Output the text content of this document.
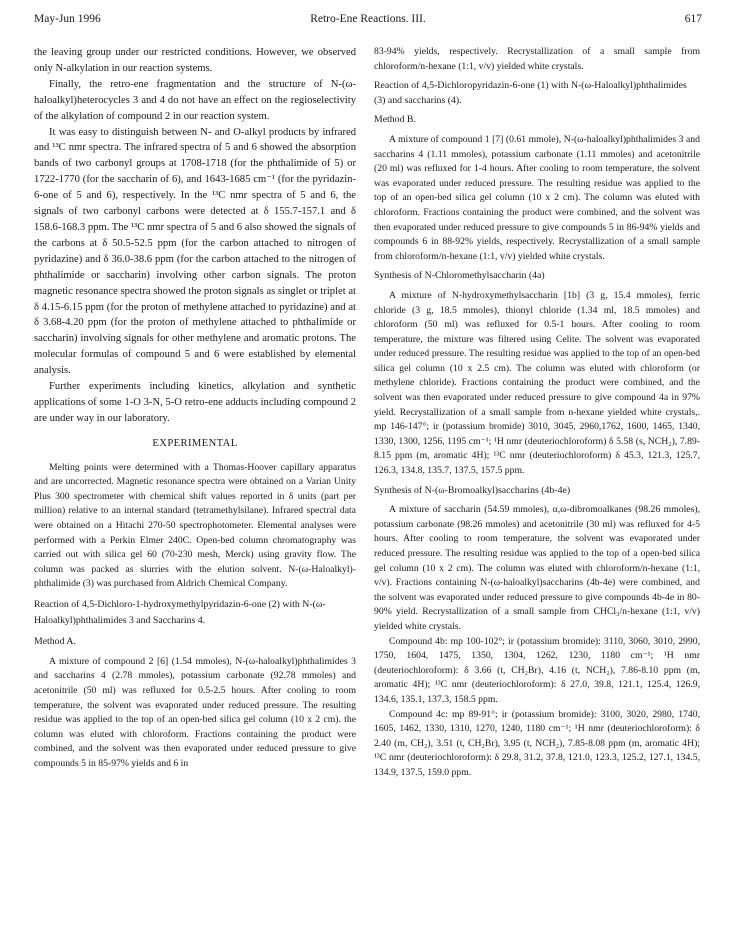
May-Jun 1996	Retro-Ene Reactions. III.	617

the leaving group under our restricted conditions. However, we observed only N-alkylation in our reaction systems.

Finally, the retro-ene fragmentation and the structure of N-(ω-haloalkyl)heterocycles 3 and 4 do not have an effect on the regioselectivity of the alkylation of compound 2 in our reaction system.

It was easy to distinguish between N- and O-alkyl products by infrared and ¹³C nmr spectra. The infrared spectra of 5 and 6 showed the absorption bands of two carbonyl groups at 1708-1718 (for the phthalimide of 5) or 1722-1770 (for the saccharin of 6), and 1643-1685 cm⁻¹ (for the pyridazin-6-one of 5 and 6), respectively. In the ¹³C nmr spectra of 5 and 6, the signals of two carbonyl carbons were detected at δ 155.7-157.1 and δ 158.6-168.3 ppm. The ¹³C nmr spectra of 5 and 6 also showed the signals of the carbons at δ 50.5-52.5 ppm (for the carbon attached to nitrogen of pyridazine) and δ 36.0-38.6 ppm (for the carbon attached to the nitrogen of phthalimide or saccharin) involving other carbon signals. The proton magnetic resonance spectra showed the proton signals as singlet or triplet at δ 4.15-6.15 ppm (for the proton of methylene attached to pyridazine) and at δ 3.68-4.20 ppm (for the proton of methylene attached to phthalimide or saccharin) involving signals for other methylene and aromatic protons. The molecular formulas of compound 5 and 6 were established by elemental analysis.

Further experiments including kinetics, alkylation and synthetic applications of some 1-O 3-N, 5-O retro-ene adducts including compound 2 are under way in our laboratory.

EXPERIMENTAL

Melting points were determined with a Thomas-Hoover capillary apparatus and are uncorrected. Magnetic resonance spectra were obtained on a Varian Unity Plus 300 spectrometer with chemical shift values reported in δ units (part per million) relative to an internal standard (tetramethylsilane). Infrared spectral data were obtained on a Hitachi 270-50 spectrophotometer. Elemental analyses were performed with a Perkin Elmer 240C. Open-bed column chromatography was carried out with silica gel 60 (70-230 mesh, Merck) using gravity flow. The column was packed as slurries with the elution solvent. N-(ω-Haloalkyl)-phthalimide (3) was purchased from Aldrich Chemical Company.

Reaction of 4,5-Dichloro-1-hydroxymethylpyridazin-6-one (2) with N-(ω-Haloalkyl)phthalimides 3 and Saccharins 4.

Method A.

A mixture of compound 2 [6] (1.54 mmoles), N-(ω-haloalkyl)phthalimides 3 and saccharins 4 (2.78 mmoles), potassium carbonate (92.78 mmoles) and acetonitrile (50 ml) was refluxed for 0.5-2.5 hours. After cooling to room temperature, the solvent was evaporated under reduced pressure. The resulting residue was applied to the top of an open-bed silica gel column (10 x 2 cm). the column was eluted with chloroform. Fractions containing the product were combined, and the solvent was then evaporated under reduced pressure to give compounds 5 in 85-97% yields and 6 in

83-94% yields, respectively. Recrystallization of a small sample from chloroform/n-hexane (1:1, v/v) yielded white crystals.

Reaction of 4,5-Dichloropyridazin-6-one (1) with N-(ω-Haloalkyl)phthalimides (3) and saccharins (4).

Method B.

A mixture of compound 1 [7] (0.61 mmole), N-(ω-haloalkyl)phthalimides 3 and saccharins 4 (1.11 mmoles), potassium carbonate (1.11 mmoles) and acetonitrile (20 ml) was refluxed for 1-4 hours. After cooling to room temperature, the solvent was evaporated under reduced pressure. The resulting residue was applied to the top of an open-bed silica gel column (10 x 2 cm). The column was eluted with chloroform. Fractions containing the product were combined, and the solvent was then evaporated under reduced pressure to give compounds 5 in 86-94% yields and compounds 6 in 88-92% yields, respectively. Recrystallization of a small sample from chloroform/n-hexane (1:1, v/v) yielded white crystals.

Synthesis of N-Chloromethylsaccharin (4a)

A mixture of N-hydroxymethylsaccharin [1b] (3 g, 15.4 mmoles), ferric chloride (3 g, 18.5 mmoles), thionyl chloride (1.34 ml, 18.5 mmoles) and chloroform (50 ml) was refluxed for 0.5-1 hours. After cooling to room temperature, the mixture was filtered using Celite. The solvent was evaporated under reduced pressure. The resulting residue was applied to the top of an open-bed silica gel column (10 x 2.5 cm). The column was eluted with chloroform (or methylene chloride). Fractions containing the product were combined, and the solvent was then evaporated under reduced pressure to give compound 4a in 97% yield. Recrystallization of a small sample from n-hexane yielded white crystals,. mp 146-147°; ir (potassium bromide) 3010, 3045, 2960,1762, 1600, 1465, 1340, 1330, 1300, 1256, 1195 cm⁻¹; ¹H nmr (deuteriochloroform) δ 5.58 (s, NCH₂), 7.89-8.15 ppm (m, aromatic 4H); ¹³C nmr (deuteriochloroform) δ 45.3, 121.3, 125.7, 126.3, 134.8, 135.7, 137.5, 157.5 ppm.

Synthesis of N-(ω-Bromoalkyl)saccharins (4b-4e)

A mixture of saccharin (54.59 mmoles), α,ω-dibromoalkanes (98.26 mmoles), potassium carbonate (98.26 mmoles) and acetonitrile (30 ml) was refluxed for 4-5 hours. After cooling to room temperature, the solvent was evaporated under reduced pressure. The resulting residue was applied to the top of a open-bed silica gel column (10 x 2 cm). The column was eluted with chloroform/n-hexane (1:1, v/v). Fractions containing N-(ω-haloalkyl)saccharins (4b-4e) were combined, and the solvent was evaporated under reduced pressure to give compounds 4b-4e in 80-90% yield. Recrystallization of a small sample from CHCl₃/n-hexane (1:1, v/v) yielded white crystals.

Compound 4b: mp 100-102°; ir (potassium bromide): 3110, 3060, 3010, 2990, 1750, 1604, 1475, 1350, 1304, 1262, 1230, 1180 cm⁻¹; ¹H nmr (deuteriochloroform): δ 3.66 (t, CH₂Br), 4.16 (t, NCH₂), 7.86-8.10 ppm (m, aromatic 4H); ¹³C nmr (deuteriochloroform): δ 27.0, 39.8, 121.1, 125.4, 126.9, 134.6, 135.1, 137.3, 158.5 ppm.

Compound 4c: mp 89-91°; ir (potassium bromide): 3100, 3020, 2980, 1740, 1605, 1462, 1330, 1310, 1270, 1240, 1180 cm⁻¹; ¹H nmr (deuteriochloroform): δ 2.40 (m, CH₂), 3.51 (t, CH₂Br), 3.95 (t, NCH₂), 7.85-8.08 ppm (m, aromatic 4H); ¹³C nmr (deuteriochloroform): δ 29.8, 31.2, 37.8, 121.0, 123.3, 125.2, 127.1, 134.5, 134.9, 137.5, 159.0 ppm.
